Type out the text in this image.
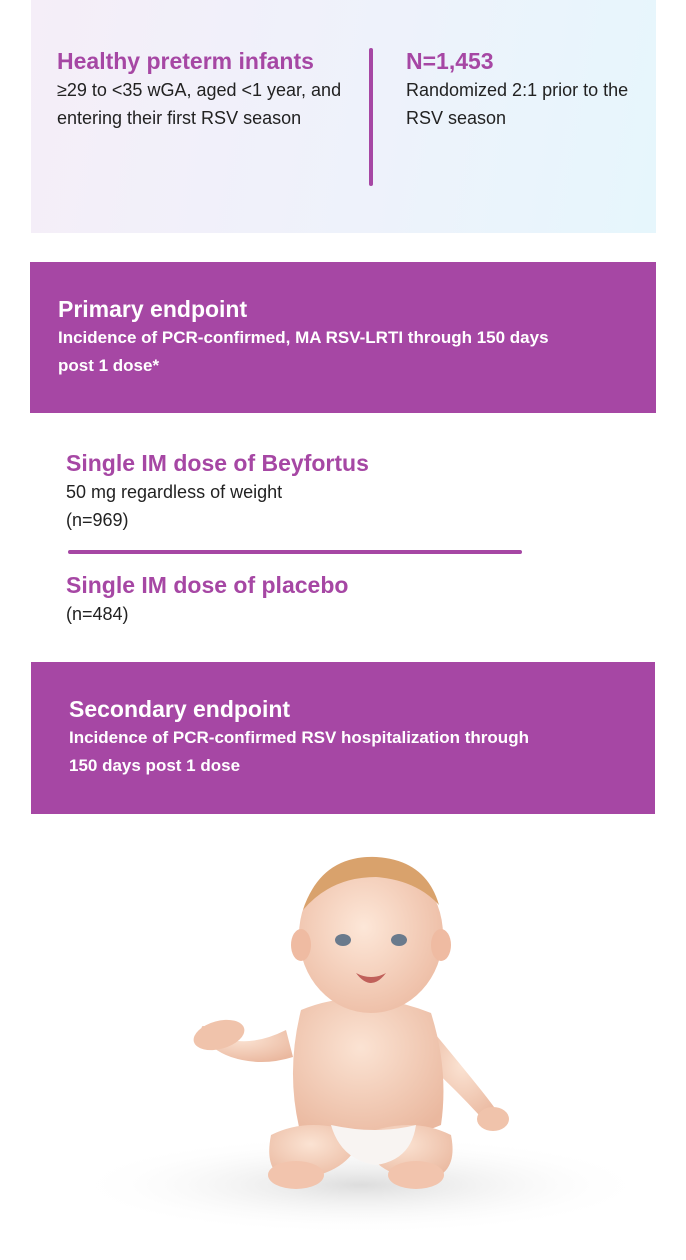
Healthy preterm infants
≥29 to <35 wGA, aged <1 year, and entering their first RSV season
N=1,453
Randomized 2:1 prior to the RSV season
Primary endpoint
Incidence of PCR-confirmed, MA RSV-LRTI through 150 days post 1 dose*
Single IM dose of Beyfortus
50 mg regardless of weight
(n=969)
Single IM dose of placebo
(n=484)
Secondary endpoint
Incidence of PCR-confirmed RSV hospitalization through 150 days post 1 dose
